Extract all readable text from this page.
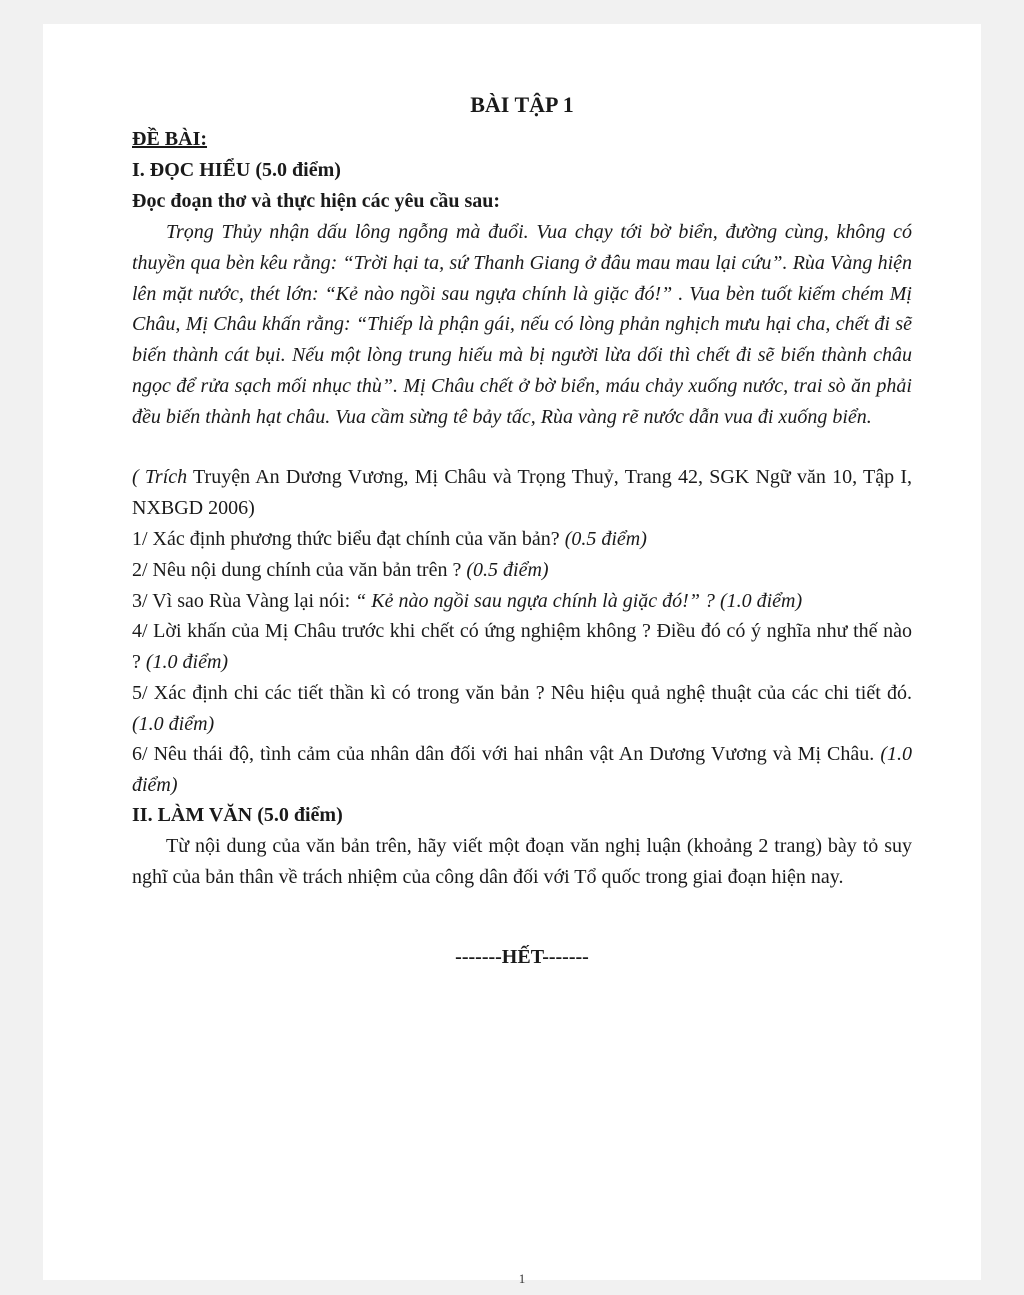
BÀI TẬP 1
ĐỀ BÀI:
I. ĐỌC HIỂU (5.0 điểm)
Đọc đoạn thơ và thực hiện các yêu cầu sau:
Trọng Thủy nhận dấu lông ngỗng mà đuổi. Vua chạy tới bờ biển, đường cùng, không có thuyền qua bèn kêu rằng: “Trời hại ta, sứ Thanh Giang ở đâu mau mau lại cứu”. Rùa Vàng hiện lên mặt nước, thét lớn: “Kẻ nào ngồi sau ngựa chính là giặc đó!” . Vua bèn tuốt kiếm chém Mị Châu, Mị Châu khấn rằng: “Thiếp là phận gái, nếu có lòng phản nghịch mưu hại cha, chết đi sẽ biến thành cát bụi. Nếu một lòng trung hiếu mà bị người lừa dối thì chết đi sẽ biến thành châu ngọc để rửa sạch mối nhục thù”. Mị Châu chết ở bờ biển, máu chảy xuống nước, trai sò ăn phải đều biến thành hạt châu. Vua cầm sừng tê bảy tấc, Rùa vàng rẽ nước dẫn vua đi xuống biển.
( Trích Truyện An Dương Vương, Mị Châu và Trọng Thuỷ, Trang 42, SGK Ngữ văn 10, Tập I, NXBGD 2006)
1/ Xác định phương thức biểu đạt chính của văn bản? (0.5 điểm)
2/ Nêu nội dung chính của văn bản trên ? (0.5 điểm)
3/ Vì sao Rùa Vàng lại nói: “ Kẻ nào ngồi sau ngựa chính là giặc đó!” ? (1.0 điểm)
4/ Lời khấn của Mị Châu trước khi chết có ứng nghiệm không ? Điều đó có ý nghĩa như thế nào ? (1.0 điểm)
5/ Xác định chi các tiết thần kì có trong văn bản ? Nêu hiệu quả nghệ thuật của các chi tiết đó. (1.0 điểm)
6/ Nêu thái độ, tình cảm của nhân dân đối với hai nhân vật An Dương Vương và Mị Châu. (1.0 điểm)
II. LÀM VĂN (5.0 điểm)
Từ nội dung của văn bản trên, hãy viết một đoạn văn nghị luận (khoảng 2 trang) bày tỏ suy nghĩ của bản thân về trách nhiệm của công dân đối với Tổ quốc trong giai đoạn hiện nay.
-------HẾT-------
1
